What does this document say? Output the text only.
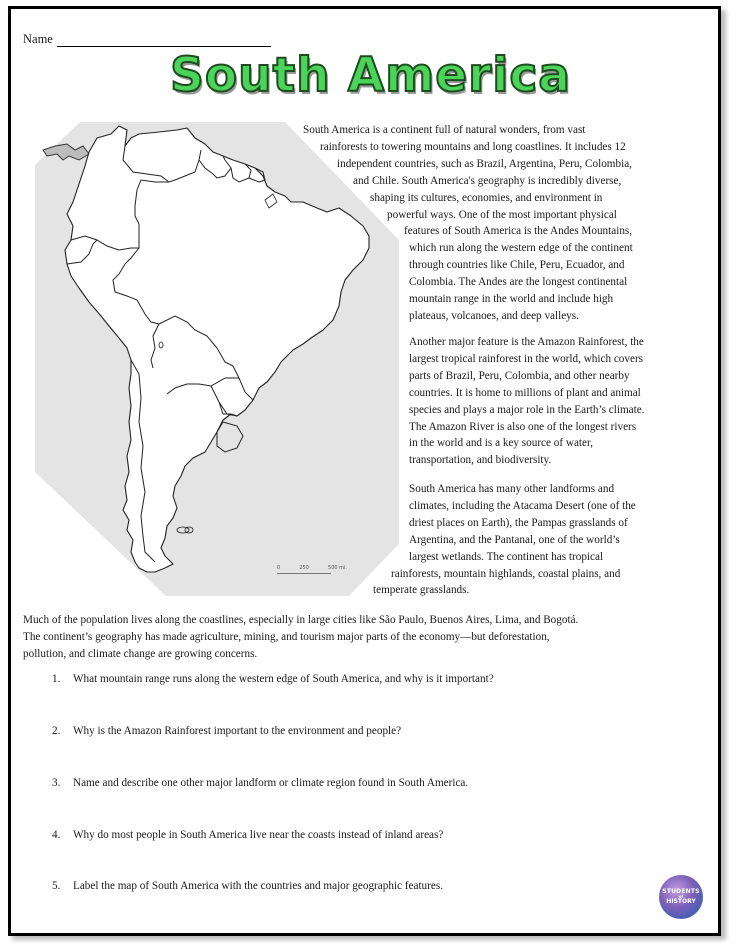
Name
South America
0	250	500 mi.
South America is a continent full of natural wonders, from vast
rainforests to towering mountains and long coastlines. It includes 12
independent countries, such as Brazil, Argentina, Peru, Colombia,
and Chile. South America's geography is incredibly diverse,
shaping its cultures, economies, and environment in
powerful ways. One of the most important physical
features of South America is the Andes Mountains,
which run along the western edge of the continent
through countries like Chile, Peru, Ecuador, and
Colombia. The Andes are the longest continental
mountain range in the world and include high
plateaus, volcanoes, and deep valleys.
Another major feature is the Amazon Rainforest, the
largest tropical rainforest in the world, which covers
parts of Brazil, Peru, Colombia, and other nearby
countries. It is home to millions of plant and animal
species and plays a major role in the Earth’s climate.
The Amazon River is also one of the longest rivers
in the world and is a key source of water,
transportation, and biodiversity.
South America has many other landforms and
climates, including the Atacama Desert (one of the
driest places on Earth), the Pampas grasslands of
Argentina, and the Pantanal, one of the world’s
largest wetlands. The continent has tropical
rainforests, mountain highlands, coastal plains, and
temperate grasslands.
Much of the population lives along the coastlines, especially in large cities like São Paulo, Buenos Aires, Lima, and Bogotá.
The continent’s geography has made agriculture, mining, and tourism major parts of the economy—but deforestation,
pollution, and climate change are growing concerns.
1.	What mountain range runs along the western edge of South America, and why is it important?
2.	Why is the Amazon Rainforest important to the environment and people?
3.	Name and describe one other major landform or climate region found in South America.
4.	Why do most people in South America live near the coasts instead of inland areas?
5.	Label the map of South America with the countries and major geographic features.	STUDENTS
of
HISTORY
